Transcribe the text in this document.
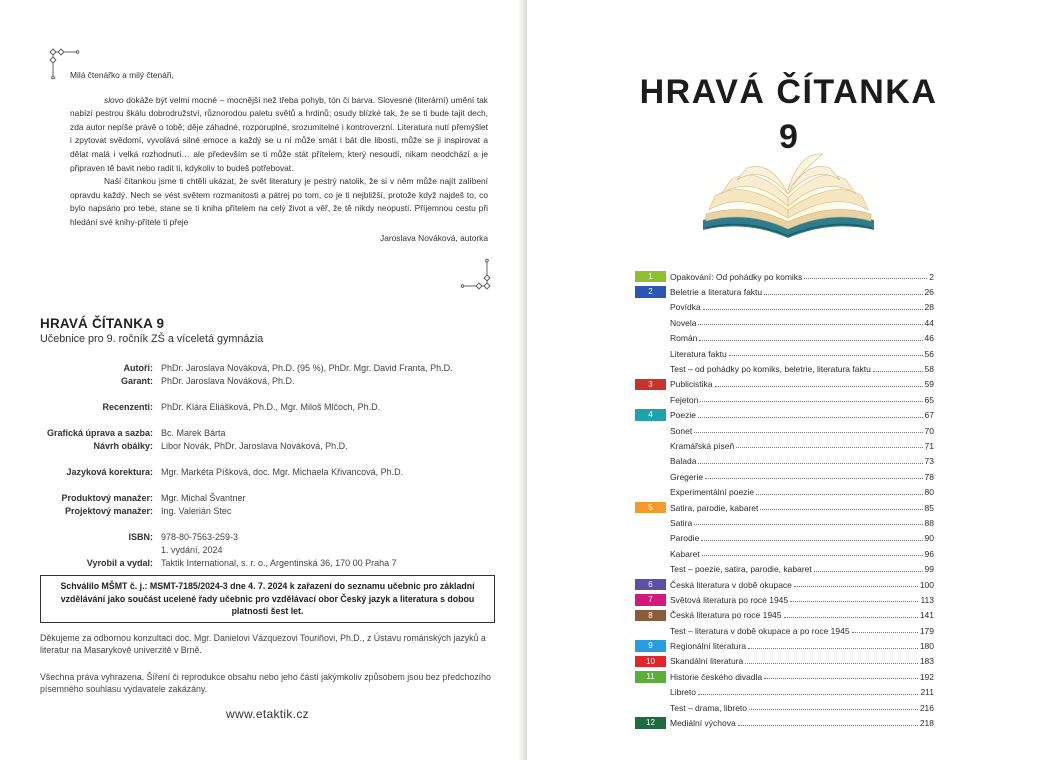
Milá čtenářko a milý čtenáři,

slovo dokáže být velmi mocné – mocnější než třeba pohyb, tón či barva. Slovesné (literární) umění tak nabízí pestrou škálu dobrodružství, různorodou paletu světů a hrdinů; osudy blízké tak, že se ti bude tajit dech, zda autor nepíše právě o tobě; děje záhadné, rozporuplné, srozumitelné i kontroverzní. Literatura nutí přemýšlet i zpytovat svědomí, vyvolává silné emoce a každý se u ní může smát i bát dle libosti, může se ji inspirovat a dělat malá i velká rozhodnutí… ale především se ti může stát přítelem, který nesoudí, nikam neodchází a je připraven tě bavit nebo radit ti, kdykoliv to budeš potřebovat.

Naší čítankou jsme ti chtěli ukázat, že svět literatury je pestrý natolik, že si v něm může najít zalíbení opravdu každý. Nech se vést světem rozmanitosti a pátrej po tom, co je ti nejbližší, protože když najdeš to, co bylo napsáno pro tebe, stane se ti kniha přítelem na celý život a věř, že tě nikdy neopustí. Příjemnou cestu při hledání své knihy-přítele ti přeje

Jaroslava Nováková, autorka

HRAVÁ ČÍTANKA 9
Učebnice pro 9. ročník ZŠ a víceletá gymnázia
Autoři: PhDr. Jaroslava Nováková, Ph.D. (95 %), PhDr. Mgr. David Franta, Ph.D.
Garant: PhDr. Jaroslava Nováková, Ph.D.
Recenzenti: PhDr. Klára Eliášková, Ph.D., Mgr. Miloš Mlčoch, Ph.D.
Grafická úprava a sazba: Bc. Marek Bárta
Návrh obálky: Libor Novák, PhDr. Jaroslava Nováková, Ph.D.
Jazyková korektura: Mgr. Markéta Píšková, doc. Mgr. Michaela Křivancová, Ph.D.
Produktový manažer: Mgr. Michal Švantner
Projektový manažer: Ing. Valerián Stec
ISBN: 978-80-7563-259-3
1. vydání, 2024
Vyrobil a vydal: Taktik International, s. r. o., Argentinská 36, 170 00 Praha 7
Schválilo MŠMT č. j.: MSMT-7185/2024-3 dne 4. 7. 2024 k zařazení do seznamu učebnic pro základní vzdělávání jako součást ucelené řady učebnic pro vzdělávací obor Český jazyk a literatura s dobou platnosti šest let.
Děkujeme za odbornou konzultaci doc. Mgr. Danielovi Vázquezovi Touriñovi, Ph.D., z Ústavu románských jazyků a literatur na Masarykově univerzitě v Brně.
Všechna práva vyhrazena. Šíření či reprodukce obsahu nebo jeho částí jakýmkoliv způsobem jsou bez předchozího písemného souhlasu vydavatele zakázány.
www.etaktik.cz
HRAVÁ ČÍTANKA
9
1	Opakování: Od pohádky po komiks	2
2	Beletrie a literatura faktu	26
Povídka	28
Novela	44
Román	46
Literatura faktu	56
Test – od pohádky po komiks, beletrie, literatura faktu	58
3	Publicistika	59
Fejeton	65
4	Poezie	67
Sonet	70
Kramářská píseň	71
Balada	73
Gregerie	78
Experimentální poezie	80
5	Satira, parodie, kabaret	85
Satira	88
Parodie	90
Kabaret	96
Test – poezie, satira, parodie, kabaret	99
6	Česká literatura v době okupace	100
7	Světová literatura po roce 1945	113
8	Česká literatura po roce 1945	141
Test – literatura v době okupace a po roce 1945	179
9	Regionální literatura	180
10	Skandální literatura	183
11	Historie českého divadla	192
Libreto	211
Test – drama, libreto	216
12	Mediální výchova	218
